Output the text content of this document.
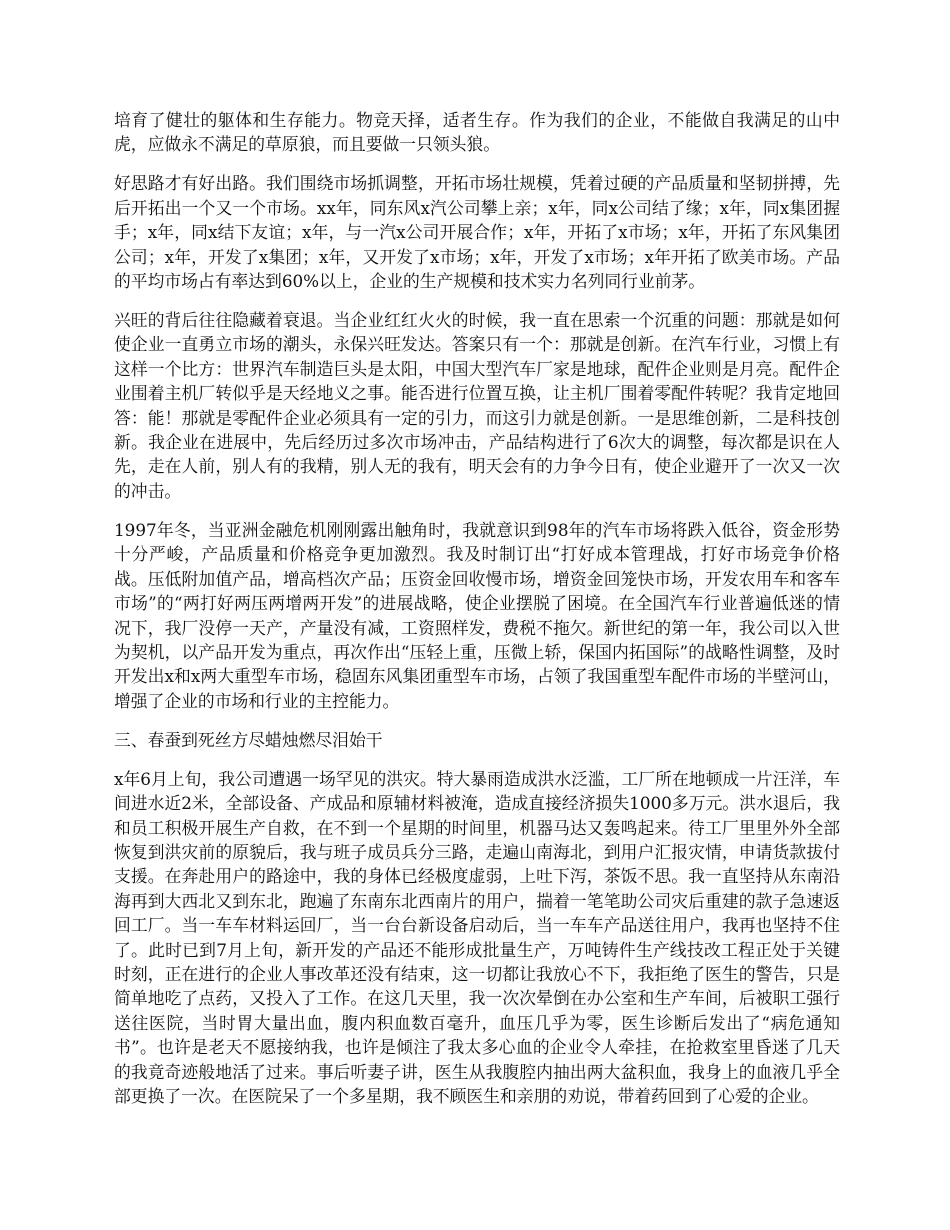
培育了健壮的躯体和生存能力。物竞天择，适者生存。作为我们的企业，不能做自我满足的山中虎，应做永不满足的草原狼，而且要做一只领头狼。

好思路才有好出路。我们围绕市场抓调整，开拓市场壮规模，凭着过硬的产品质量和坚韧拼搏，先后开拓出一个又一个市场。xx年，同东风x汽公司攀上亲；x年，同x公司结了缘；x年，同x集团握手；x年，同x结下友谊；x年，与一汽x公司开展合作；x年，开拓了x市场；x年，开拓了东风集团公司；x年，开发了x集团；x年，又开发了x市场；x年，开发了x市场；x年开拓了欧美市场。产品的平均市场占有率达到60%以上，企业的生产规模和技术实力名列同行业前茅。

兴旺的背后往往隐藏着衰退。当企业红红火火的时候，我一直在思索一个沉重的问题：那就是如何使企业一直勇立市场的潮头，永保兴旺发达。答案只有一个：那就是创新。在汽车行业，习惯上有这样一个比方：世界汽车制造巨头是太阳，中国大型汽车厂家是地球，配件企业则是月亮。配件企业围着主机厂转似乎是天经地义之事。能否进行位置互换，让主机厂围着零配件转呢？我肯定地回答：能！那就是零配件企业必须具有一定的引力，而这引力就是创新。一是思维创新，二是科技创新。我企业在进展中，先后经历过多次市场冲击，产品结构进行了6次大的调整，每次都是识在人先，走在人前，别人有的我精，别人无的我有，明天会有的力争今日有，使企业避开了一次又一次的冲击。

1997年冬，当亚洲金融危机刚刚露出触角时，我就意识到98年的汽车市场将跌入低谷，资金形势十分严峻，产品质量和价格竞争更加激烈。我及时制订出“打好成本管理战，打好市场竞争价格战。压低附加值产品，增高档次产品；压资金回收慢市场，增资金回笼快市场，开发农用车和客车市场”的“两打好两压两增两开发”的进展战略，使企业摆脱了困境。在全国汽车行业普遍低迷的情况下，我厂没停一天产，产量没有减，工资照样发，费税不拖欠。新世纪的第一年，我公司以入世为契机，以产品开发为重点，再次作出“压轻上重，压微上轿，保国内拓国际”的战略性调整，及时开发出x和x两大重型车市场，稳固东风集团重型车市场，占领了我国重型车配件市场的半壁河山，增强了企业的市场和行业的主控能力。

三、春蚕到死丝方尽蜡烛燃尽泪始干

x年6月上旬，我公司遭遇一场罕见的洪灾。特大暴雨造成洪水泛滥，工厂所在地顿成一片汪洋，车间进水近2米，全部设备、产成品和原辅材料被淹，造成直接经济损失1000多万元。洪水退后，我和员工积极开展生产自救，在不到一个星期的时间里，机器马达又轰鸣起来。待工厂里里外外全部恢复到洪灾前的原貌后，我与班子成员兵分三路，走遍山南海北，到用户汇报灾情，申请货款拔付支援。在奔赴用户的路途中，我的身体已经极度虚弱，上吐下泻，茶饭不思。我一直坚持从东南沿海再到大西北又到东北，跑遍了东南东北西南片的用户，揣着一笔笔助公司灾后重建的款子急速返回工厂。当一车车材料运回厂，当一台台新设备启动后，当一车车产品送往用户，我再也坚持不住了。此时已到7月上旬，新开发的产品还不能形成批量生产，万吨铸件生产线技改工程正处于关键时刻，正在进行的企业人事改革还没有结束，这一切都让我放心不下，我拒绝了医生的警告，只是简单地吃了点药，又投入了工作。在这几天里，我一次次晕倒在办公室和生产车间，后被职工强行送往医院，当时胃大量出血，腹内积血数百毫升，血压几乎为零，医生诊断后发出了“病危通知书”。也许是老天不愿接纳我，也许是倾注了我太多心血的企业令人牵挂，在抢救室里昏迷了几天的我竟奇迹般地活了过来。事后听妻子讲，医生从我腹腔内抽出两大盆积血，我身上的血液几乎全部更换了一次。在医院呆了一个多星期，我不顾医生和亲朋的劝说，带着药回到了心爱的企业。
